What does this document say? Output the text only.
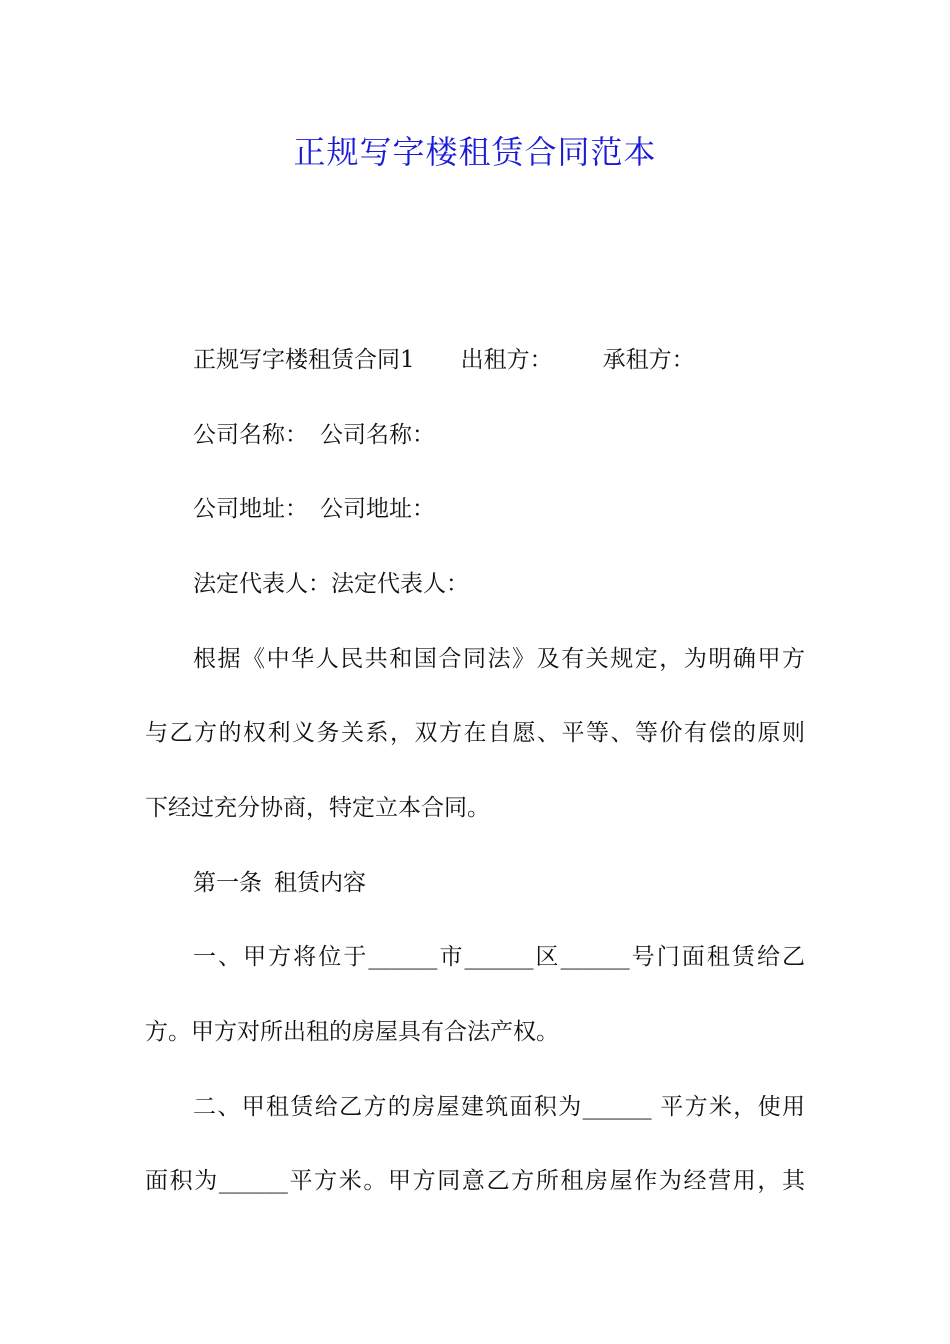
正规写字楼租赁合同范本

正规写字楼租赁合同1 出租方： 承租方：

公司名称： 公司名称：

公司地址： 公司地址：

法定代表人：法定代表人：

根据《中华人民共和国合同法》及有关规定，为明确甲方

与乙方的权利义务关系，双方在自愿、平等、等价有偿的原则

下经过充分协商，特定立本合同。

第一条 租赁内容

一、甲方将位于______市______区______号门面租赁给乙

方。甲方对所出租的房屋具有合法产权。

二、甲租赁给乙方的房屋建筑面积为______ 平方米，使用

面积为______平方米。甲方同意乙方所租房屋作为经营用，其
